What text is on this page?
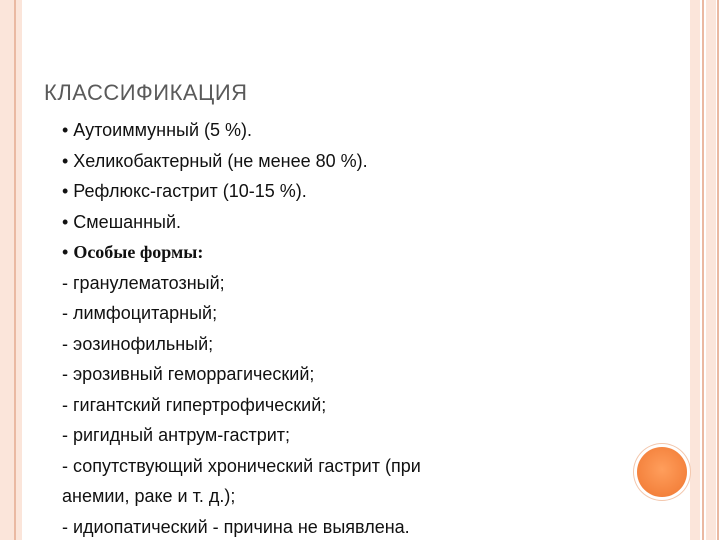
КЛАССИФИКАЦИЯ
• Аутоиммунный (5 %).
• Хеликобактерный (не менее 80 %).
• Рефлюкс-гастрит (10-15 %).
• Смешанный.
• Особые формы:
- гранулематозный;
- лимфоцитарный;
- эозинофильный;
- эрозивный геморрагический;
- гигантский гипертрофический;
- ригидный антрум-гастрит;
- сопутствующий хронический гастрит (при
анемии, раке и т. д.);
- идиопатический - причина не выявлена.
